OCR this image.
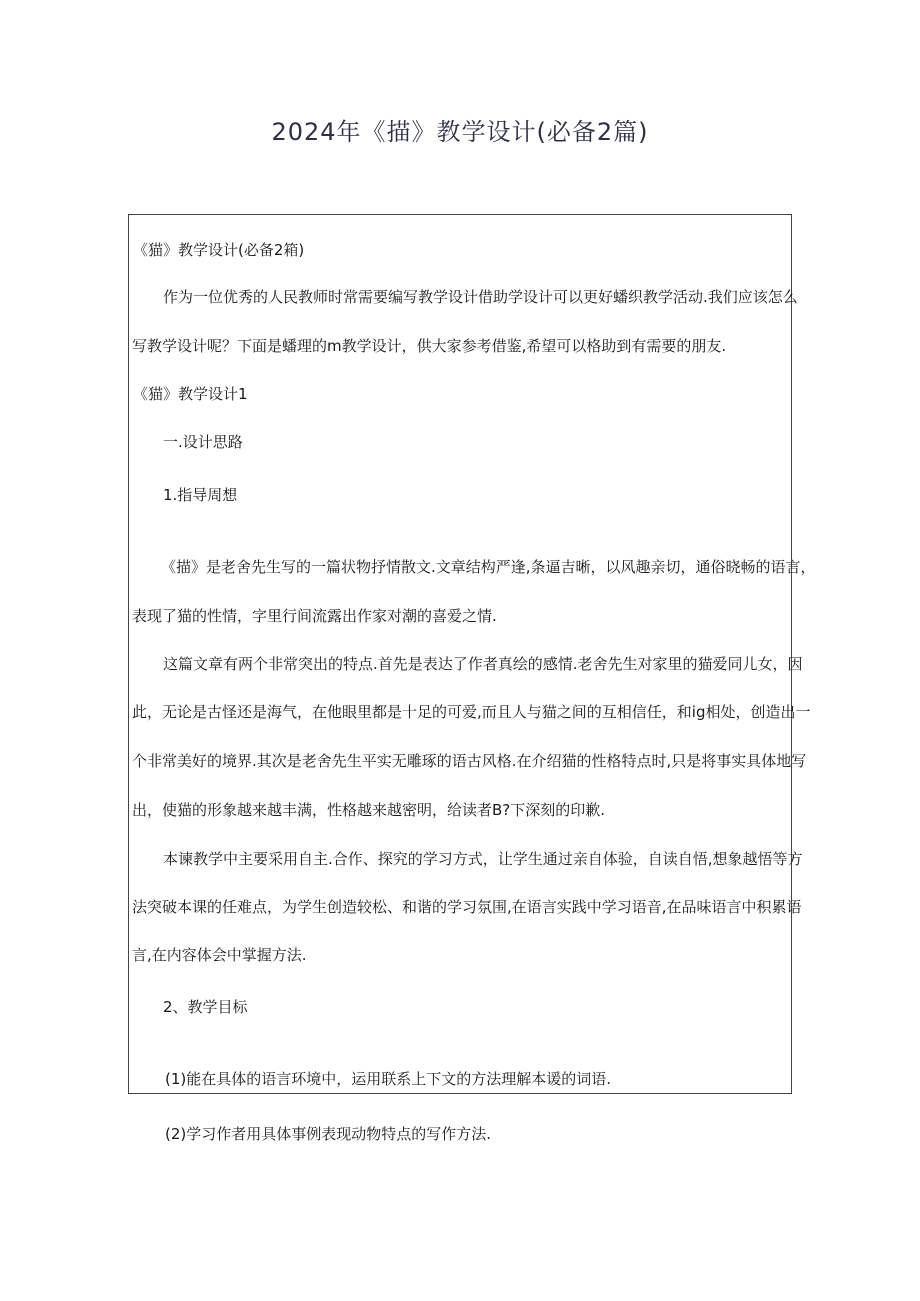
2024年《描》教学设计(必备2篇)
《猫》教学设计(必备2箱)
作为一位优秀的人民教师时常需要编写教学设计借助学设计可以更好蟠织教学活动.我们应该怎么
写教学设计呢？下面是蟠理的m教学设计，供大家参考借鉴,希望可以格助到有需要的朋友.
《猫》教学设计1
一.设计思路
1.指导周想
《描》是老舍先生写的一篇状物抒情散文.文章结构严逢,条逼吉晰，以风趣亲切，通俗晓畅的语言，
表现了猫的性情，字里行间流露出作家对潮的喜爱之情.
这篇文章有两个非常突出的特点.首先是表达了作者真绘的感情.老舍先生对家里的猫爱同儿女，因
此，无论是古怪还是海气，在他眼里都是十足的可爱,而且人与猫之间的互相信任，和ig相处，创造出一
个非常美好的境界.其次是老舍先生平实无雕琢的语古风格.在介绍猫的性格特点时,只是将事实具体地写
出，使猫的形象越来越丰满，性格越来越密明，给读者B?下深刻的印歉.
本谏教学中主要采用自主.合作、探究的学习方式，让学生通过亲自体验，自读自悟,想象越悟等方
法突破本课的任难点，为学生创造较松、和谐的学习氛围,在语言实践中学习语音,在品味语言中积累语
言,在内容体会中掌握方法.
2、教学目标
(1)能在具体的语言环境中，运用联系上下文的方法理解本谖的词语.
(2)学习作者用具体事例表现动物特点的写作方法.
